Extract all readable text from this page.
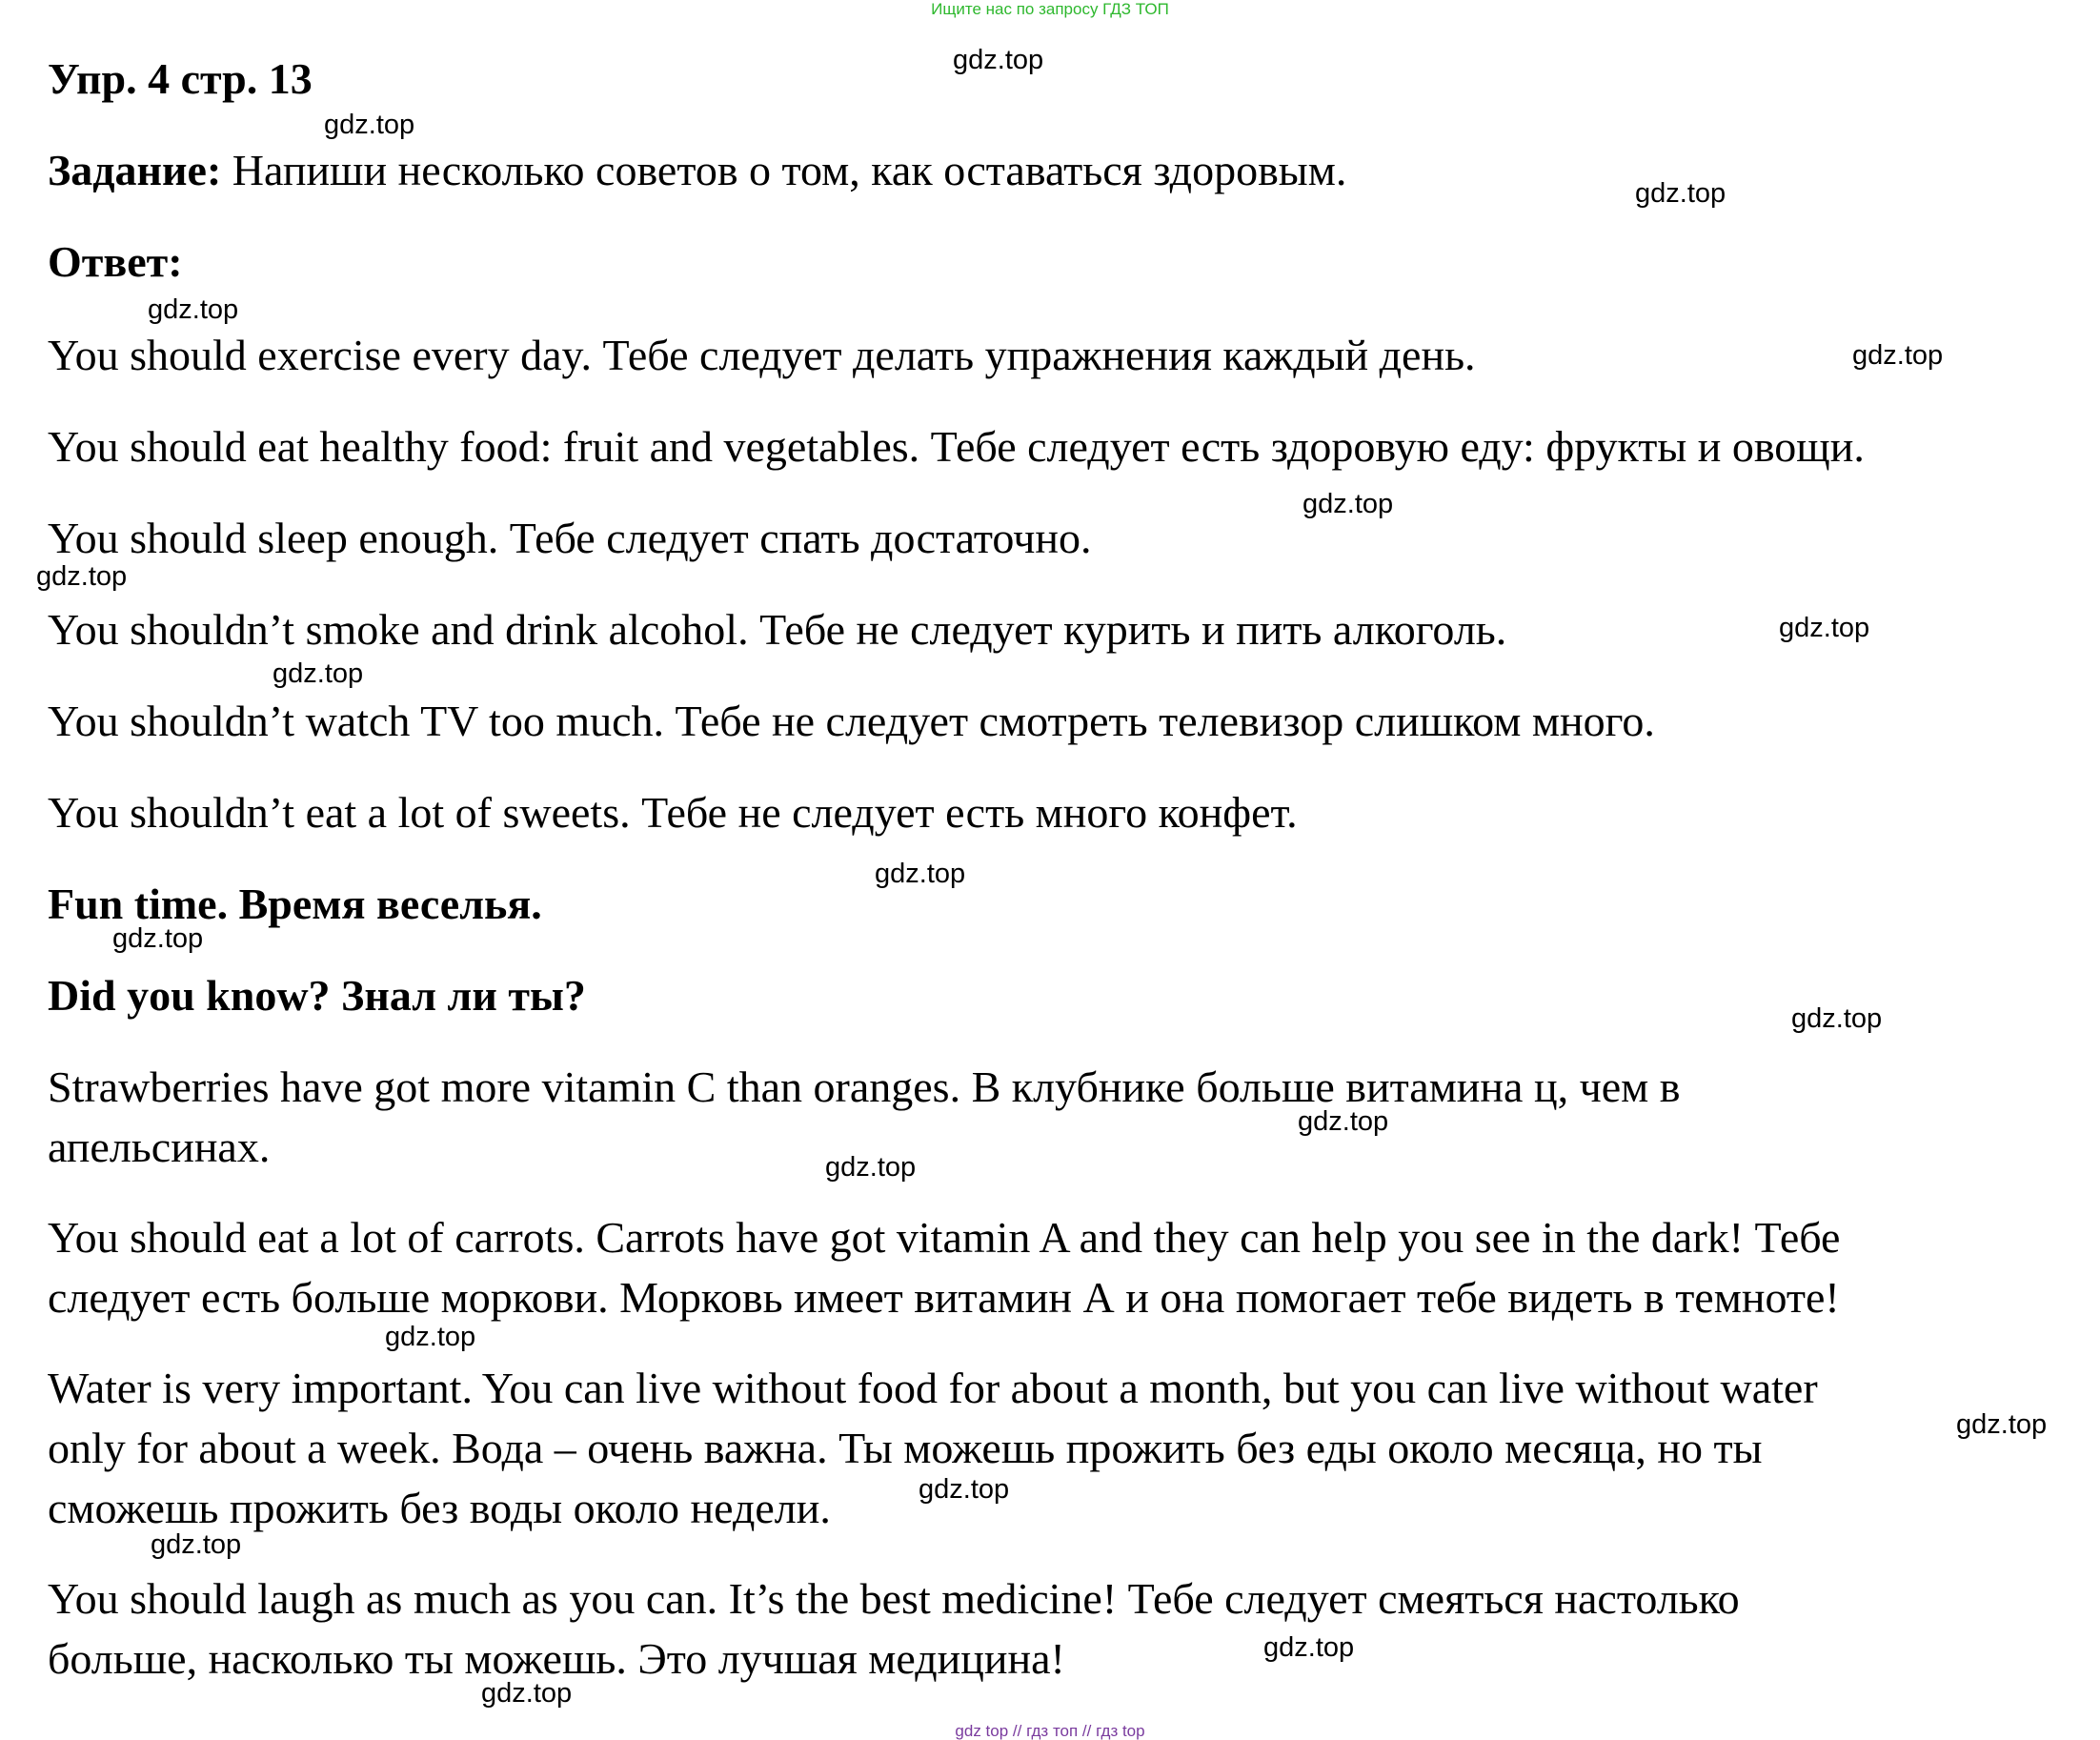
Ищите нас по запросу ГДЗ ТОП
Упр. 4 стр. 13
Задание: Напиши несколько советов о том, как оставаться здоровым.
Ответ:
You should exercise every day. Тебе следует делать упражнения каждый день.
You should eat healthy food: fruit and vegetables. Тебе следует есть здоровую еду: фрукты и овощи.
You should sleep enough. Тебе следует спать достаточно.
You shouldn’t smoke and drink alcohol. Тебе не следует курить и пить алкоголь.
You shouldn’t watch TV too much. Тебе не следует смотреть телевизор слишком много.
You shouldn’t eat a lot of sweets. Тебе не следует есть много конфет.
Fun time. Время веселья.
Did you know? Знал ли ты?
Strawberries have got more vitamin C than oranges. В клубнике больше витамина ц, чем в
апельсинах.
You should eat a lot of carrots. Carrots have got vitamin A and they can help you see in the dark! Тебе
следует есть больше моркови. Морковь имеет витамин А и она помогает тебе видеть в темноте!
Water is very important. You can live without food for about a month, but you can live without water
only for about a week. Вода – очень важна. Ты можешь прожить без еды около месяца, но ты
сможешь прожить без воды около недели.
You should laugh as much as you can. It’s the best medicine! Тебе следует смеяться настолько
больше, насколько ты можешь. Это лучшая медицина!
gdz.top
gdz.top
gdz.top
gdz.top
gdz.top
gdz.top
gdz.top
gdz.top
gdz.top
gdz.top
gdz.top
gdz.top
gdz.top
gdz.top
gdz.top
gdz.top
gdz.top
gdz.top
gdz.top
gdz.top
gdz top // гдз топ // гдз top
